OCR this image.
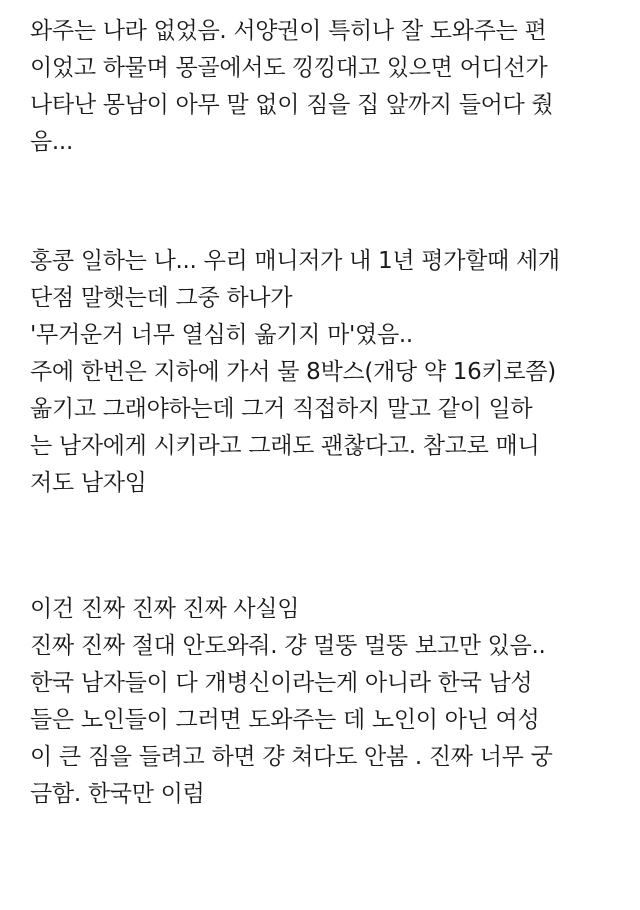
와주는 나라 없었음. 서양권이 특히나 잘 도와주는 편
이었고 하물며 몽골에서도 낑낑대고 있으면 어디선가
나타난 몽남이 아무 말 없이 짐을 집 앞까지 들어다 줬
음...
홍콩 일하는 나... 우리 매니저가 내 1년 평가할때 세개
단점 말햇는데 그중 하나가
'무거운거 너무 열심히 옮기지 마'였음..
주에 한번은 지하에 가서 물 8박스(개당 약 16키로쯤)
옮기고 그래야하는데 그거 직접하지 말고 같이 일하
는 남자에게 시키라고 그래도 괜찮다고. 참고로 매니
저도 남자임
이건 진짜 진짜 진짜 사실임
진짜 진짜 절대 안도와줘. 걍 멀뚱 멀뚱 보고만 있음..
한국 남자들이 다 개병신이라는게 아니라 한국 남성
들은 노인들이 그러면 도와주는 데 노인이 아닌 여성
이 큰 짐을 들려고 하면 걍 쳐다도 안봄 . 진짜 너무 궁
금함. 한국만 이럼
